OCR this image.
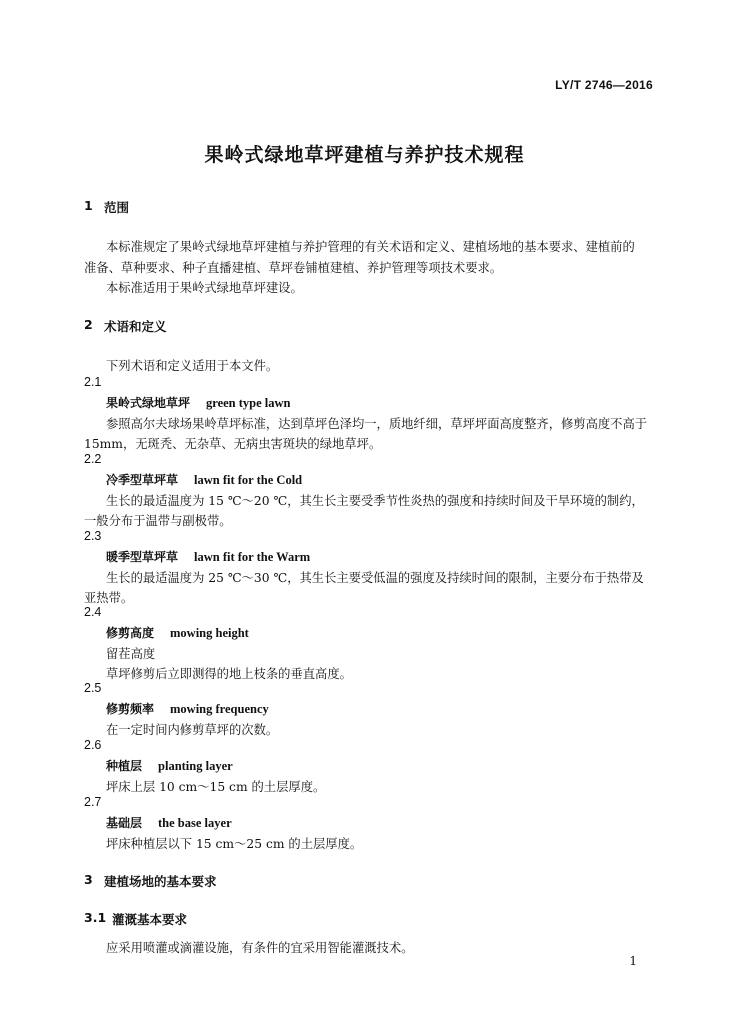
LY/T 2746—2016
果岭式绿地草坪建植与养护技术规程
1 范围
本标准规定了果岭式绿地草坪建植与养护管理的有关术语和定义、建植场地的基本要求、建植前的
准备、草种要求、种子直播建植、草坪卷铺植建植、养护管理等项技术要求。
本标准适用于果岭式绿地草坪建设。
2 术语和定义
下列术语和定义适用于本文件。
2.1
果岭式绿地草坪 green type lawn
参照高尔夫球场果岭草坪标准，达到草坪色泽均一，质地纤细，草坪坪面高度整齐，修剪高度不高于
15mm，无斑秃、无杂草、无病虫害斑块的绿地草坪。
2.2
冷季型草坪草 lawn fit for the Cold
生长的最适温度为 15 ℃～20 ℃，其生长主要受季节性炎热的强度和持续时间及干旱环境的制约，
一般分布于温带与副极带。
2.3
暖季型草坪草 lawn fit for the Warm
生长的最适温度为 25 ℃～30 ℃，其生长主要受低温的强度及持续时间的限制，主要分布于热带及
亚热带。
2.4
修剪高度 mowing height
留茬高度
草坪修剪后立即测得的地上枝条的垂直高度。
2.5
修剪频率 mowing frequency
在一定时间内修剪草坪的次数。
2.6
种植层 planting layer
坪床上层 10 cm～15 cm 的土层厚度。
2.7
基础层 the base layer
坪床种植层以下 15 cm～25 cm 的土层厚度。
3 建植场地的基本要求
3.1 灌溉基本要求
应采用喷灌或滴灌设施，有条件的宜采用智能灌溉技术。
1
